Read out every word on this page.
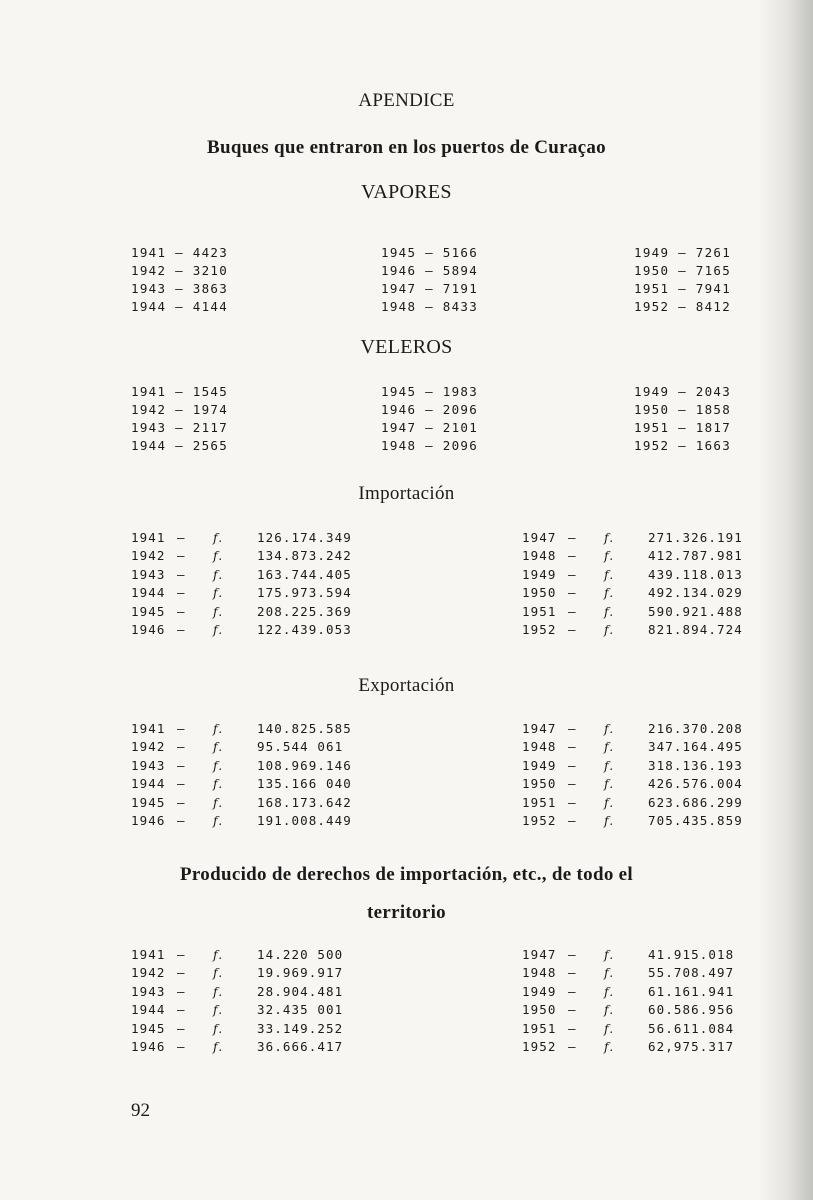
APENDICE
Buques que entraron en los puertos de Curaçao
VAPORES
1941 — 4423
1942 — 3210
1943 — 3863
1944 — 4144
1945 — 5166
1946 — 5894
1947 — 7191
1948 — 8433
1949 — 7261
1950 — 7165
1951 — 7941
1952 — 8412
VELEROS
1941 — 1545
1942 — 1974
1943 — 2117
1944 — 2565
1945 — 1983
1946 — 2096
1947 — 2101
1948 — 2096
1949 — 2043
1950 — 1858
1951 — 1817
1952 — 1663
Importación
1941 — f.	126.174.349
1942 — f.	134.873.242
1943 — f.	163.744.405
1944 — f.	175.973.594
1945 — f.	208.225.369
1946 — f.	122.439.053
1947 — f.	271.326.191
1948 — f.	412.787.981
1949 — f.	439.118.013
1950 — f.	492.134.029
1951 — f.	590.921.488
1952 — f.	821.894.724
Exportación
1941 — f.	140.825.585
1942 — f.	95.544 061
1943 — f.	108.969.146
1944 — f.	135.166 040
1945 — f.	168.173.642
1946 — f.	191.008.449
1947 — f.	216.370.208
1948 — f.	347.164.495
1949 — f.	318.136.193
1950 — f.	426.576.004
1951 — f.	623.686.299
1952 — f.	705.435.859
Producido de derechos de importación, etc., de todo el
territorio
1941 — f.	14.220 500
1942 — f.	19.969.917
1943 — f.	28.904.481
1944 — f.	32.435 001
1945 — f.	33.149.252
1946 — f.	36.666.417
1947 — f.	41.915.018
1948 — f.	55.708.497
1949 — f.	61.161.941
1950 — f.	60.586.956
1951 — f.	56.611.084
1952 — f.	62,975.317
92
